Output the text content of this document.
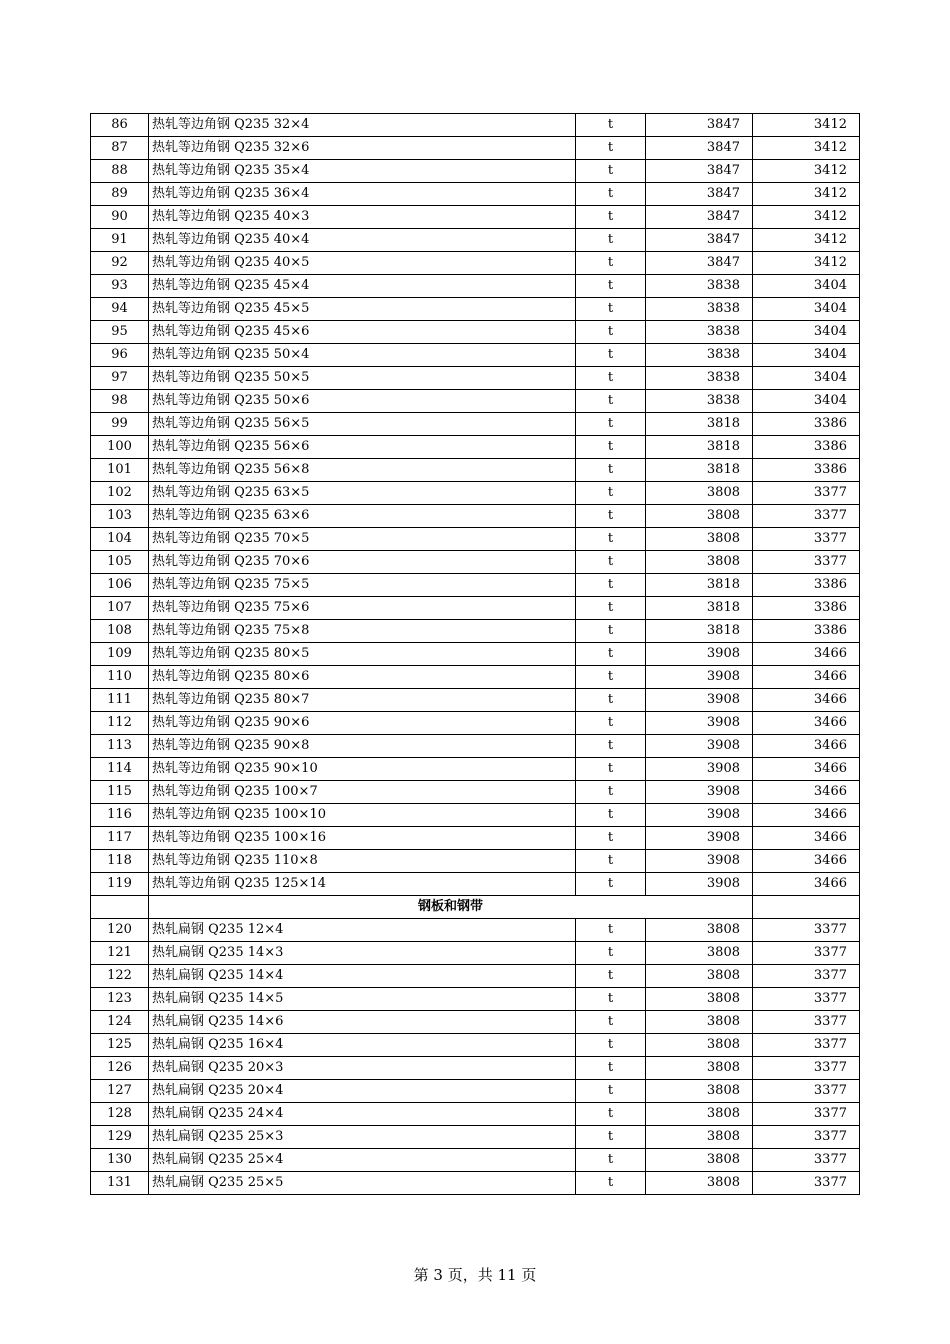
86	热轧等边角钢 Q235 32×4	t	3847	3412
87	热轧等边角钢 Q235 32×6	t	3847	3412
88	热轧等边角钢 Q235 35×4	t	3847	3412
89	热轧等边角钢 Q235 36×4	t	3847	3412
90	热轧等边角钢 Q235 40×3	t	3847	3412
91	热轧等边角钢 Q235 40×4	t	3847	3412
92	热轧等边角钢 Q235 40×5	t	3847	3412
93	热轧等边角钢 Q235 45×4	t	3838	3404
94	热轧等边角钢 Q235 45×5	t	3838	3404
95	热轧等边角钢 Q235 45×6	t	3838	3404
96	热轧等边角钢 Q235 50×4	t	3838	3404
97	热轧等边角钢 Q235 50×5	t	3838	3404
98	热轧等边角钢 Q235 50×6	t	3838	3404
99	热轧等边角钢 Q235 56×5	t	3818	3386
100	热轧等边角钢 Q235 56×6	t	3818	3386
101	热轧等边角钢 Q235 56×8	t	3818	3386
102	热轧等边角钢 Q235 63×5	t	3808	3377
103	热轧等边角钢 Q235 63×6	t	3808	3377
104	热轧等边角钢 Q235 70×5	t	3808	3377
105	热轧等边角钢 Q235 70×6	t	3808	3377
106	热轧等边角钢 Q235 75×5	t	3818	3386
107	热轧等边角钢 Q235 75×6	t	3818	3386
108	热轧等边角钢 Q235 75×8	t	3818	3386
109	热轧等边角钢 Q235 80×5	t	3908	3466
110	热轧等边角钢 Q235 80×6	t	3908	3466
111	热轧等边角钢 Q235 80×7	t	3908	3466
112	热轧等边角钢 Q235 90×6	t	3908	3466
113	热轧等边角钢 Q235 90×8	t	3908	3466
114	热轧等边角钢 Q235 90×10	t	3908	3466
115	热轧等边角钢 Q235 100×7	t	3908	3466
116	热轧等边角钢 Q235 100×10	t	3908	3466
117	热轧等边角钢 Q235 100×16	t	3908	3466
118	热轧等边角钢 Q235 110×8	t	3908	3466
119	热轧等边角钢 Q235 125×14	t	3908	3466
	钢板和钢带			
120	热轧扁钢 Q235 12×4	t	3808	3377
121	热轧扁钢 Q235 14×3	t	3808	3377
122	热轧扁钢 Q235 14×4	t	3808	3377
123	热轧扁钢 Q235 14×5	t	3808	3377
124	热轧扁钢 Q235 14×6	t	3808	3377
125	热轧扁钢 Q235 16×4	t	3808	3377
126	热轧扁钢 Q235 20×3	t	3808	3377
127	热轧扁钢 Q235 20×4	t	3808	3377
128	热轧扁钢 Q235 24×4	t	3808	3377
129	热轧扁钢 Q235 25×3	t	3808	3377
130	热轧扁钢 Q235 25×4	t	3808	3377
131	热轧扁钢 Q235 25×5	t	3808	3377
第 3 页，共 11 页
